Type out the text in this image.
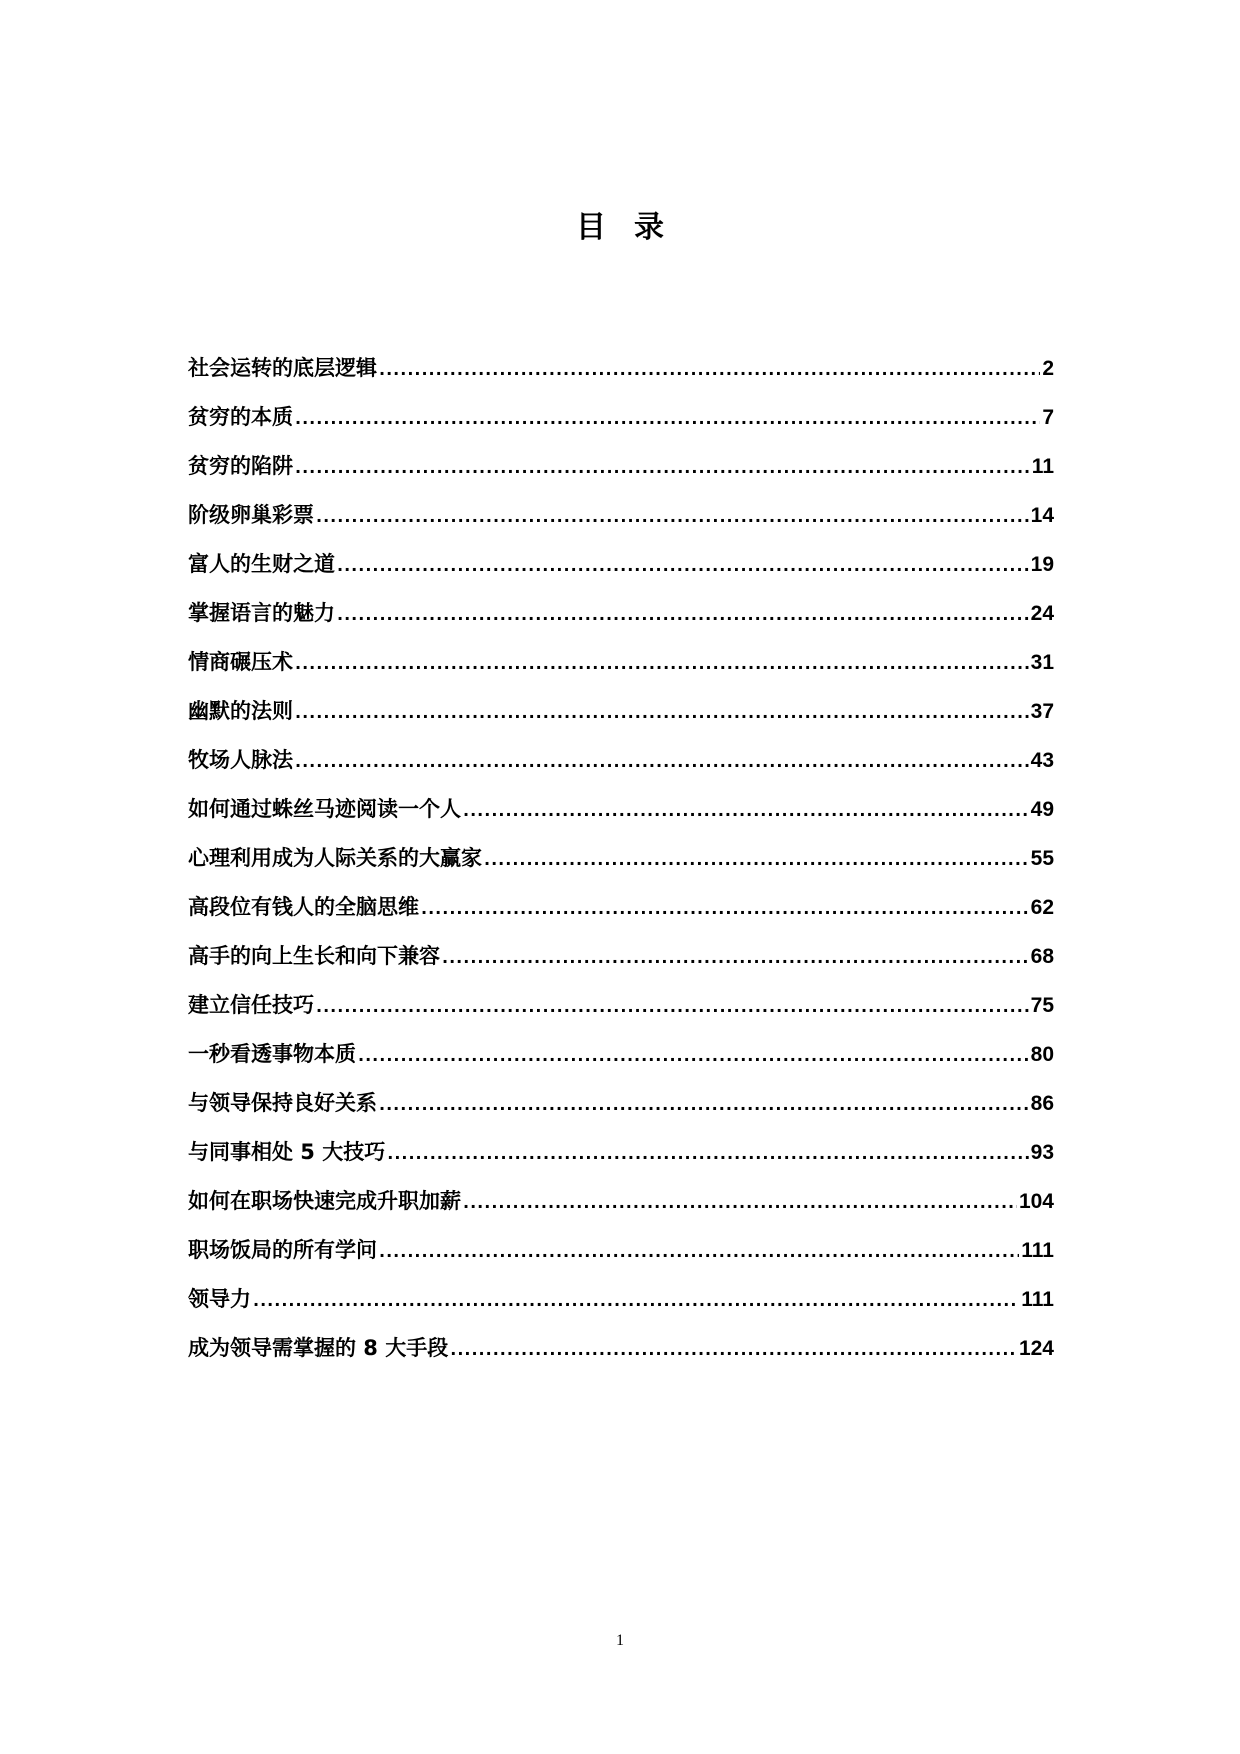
目录
社会运转的底层逻辑 .....	2
贫穷的本质 .....	7
贫穷的陷阱 .....	11
阶级卵巢彩票 .....	14
富人的生财之道 .....	19
掌握语言的魅力 .....	24
情商碾压术 .....	31
幽默的法则 .....	37
牧场人脉法 .....	43
如何通过蛛丝马迹阅读一个人 .....	49
心理利用成为人际关系的大赢家 .....	55
高段位有钱人的全脑思维 .....	62
高手的向上生长和向下兼容 .....	68
建立信任技巧 .....	75
一秒看透事物本质 .....	80
与领导保持良好关系 .....	86
与同事相处 5 大技巧 .....	93
如何在职场快速完成升职加薪 .....	104
职场饭局的所有学问 .....	111
领导力 .....	111
成为领导需掌握的 8 大手段 .....	124
1
